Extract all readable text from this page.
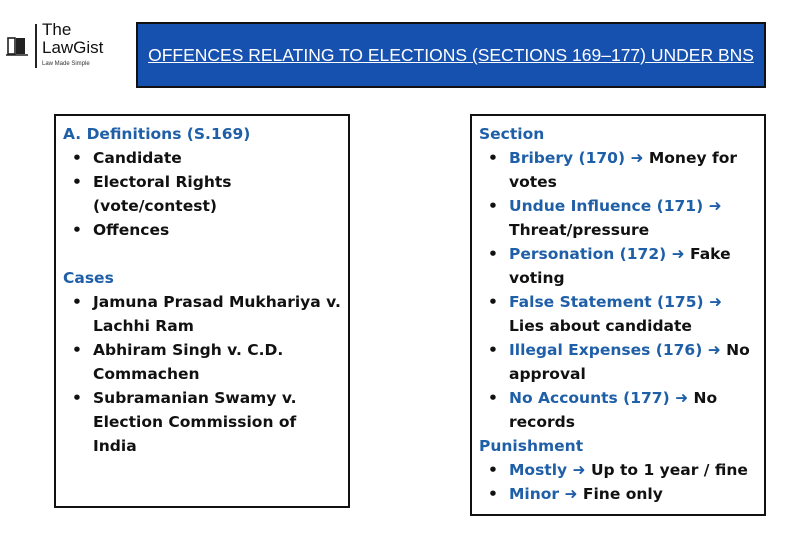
The
LawGist
Law Made Simple	OFFENCES RELATING TO ELECTIONS (SECTIONS 169–177) UNDER BNS
A. Definitions (S.169)
• Candidate
• Electoral Rights (vote/contest)
• Offences
Cases
• Jamuna Prasad Mukhariya v. Lachhi Ram
• Abhiram Singh v. C.D. Commachen
• Subramanian Swamy v. Election Commission of India
Section
• Bribery (170) ➜ Money for votes
• Undue Influence (171) ➜ Threat/pressure
• Personation (172) ➜ Fake voting
• False Statement (175) ➜ Lies about candidate
• Illegal Expenses (176) ➜ No approval
• No Accounts (177) ➜ No records
Punishment
• Mostly ➜ Up to 1 year / fine
• Minor ➜ Fine only
